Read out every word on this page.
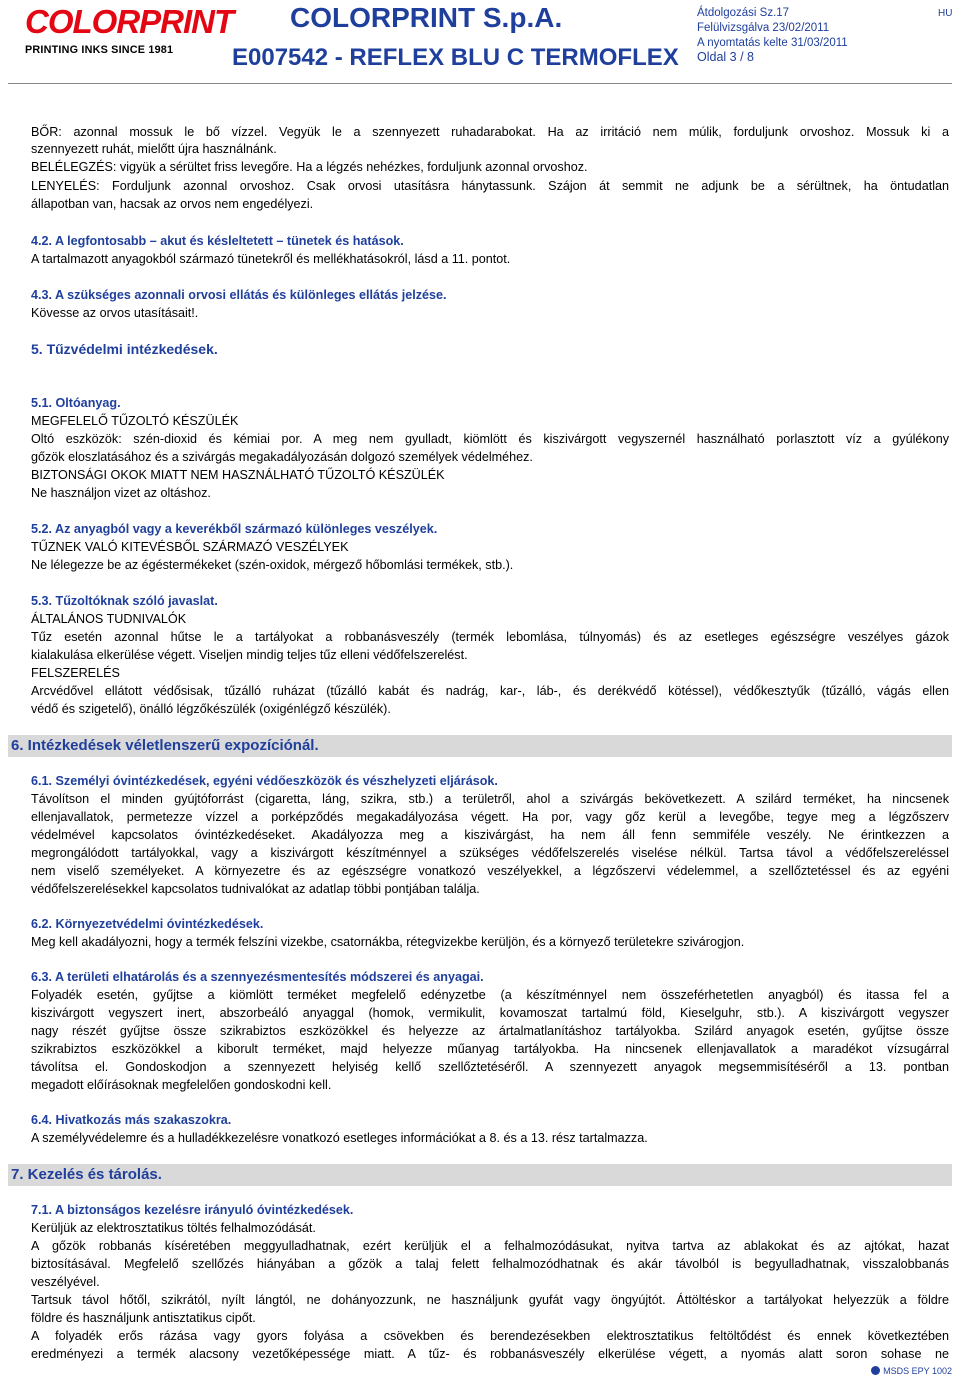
COLORPRINT
PRINTING INKS SINCE 1981
COLORPRINT S.p.A.
E007542 - REFLEX BLU C TERMOFLEX
Átdolgozási Sz.17
Felülvizsgálva 23/02/2011
A nyomtatás kelte 31/03/2011
Oldal 3 / 8
HU
BŐR: azonnal mossuk le bő vízzel. Vegyük le a szennyezett ruhadarabokat. Ha az irritáció nem múlik, forduljunk orvoshoz. Mossuk ki a
szennyezett ruhát, mielőtt újra használnánk.
BELÉLEGZÉS: vigyük a sérültet friss levegőre. Ha a légzés nehézkes, forduljunk azonnal orvoshoz.
LENYELÉS: Forduljunk azonnal orvoshoz. Csak orvosi utasításra hánytassunk. Szájon át semmit ne adjunk be a sérültnek, ha öntudatlan
állapotban van, hacsak az orvos nem engedélyezi.
4.2. A legfontosabb – akut és késleltetett – tünetek és hatások.
A tartalmazott anyagokból származó tünetekről és mellékhatásokról, lásd a 11. pontot.
4.3. A szükséges azonnali orvosi ellátás és különleges ellátás jelzése.
Kövesse az orvos utasításait!.
5. Tűzvédelmi intézkedések.
5.1. Oltóanyag.
MEGFELELŐ TŰZOLTÓ KÉSZÜLÉK
Oltó eszközök: szén-dioxid és kémiai por. A meg nem gyulladt, kiömlött és kiszivárgott vegyszernél használható porlasztott víz a gyúlékony
gőzök eloszlatásához és a szivárgás megakadályozásán dolgozó személyek védelméhez.
BIZTONSÁGI OKOK MIATT NEM HASZNÁLHATÓ TŰZOLTÓ KÉSZÜLÉK
Ne használjon vizet az oltáshoz.
5.2. Az anyagból vagy a keverékből származó különleges veszélyek.
TŰZNEK VALÓ KITEVÉSBŐL SZÁRMAZÓ VESZÉLYEK
Ne lélegezze be az égéstermékeket (szén-oxidok, mérgező hőbomlási termékek, stb.).
5.3. Tűzoltóknak szóló javaslat.
ÁLTALÁNOS TUDNIVALÓK
Tűz esetén azonnal hűtse le a tartályokat a robbanásveszély (termék lebomlása, túlnyomás) és az esetleges egészségre veszélyes gázok
kialakulása elkerülése végett. Viseljen mindig teljes tűz elleni védőfelszerelést.
FELSZERELÉS
Arcvédővel ellátott védősisak, tűzálló ruházat (tűzálló kabát és nadrág, kar-, láb-, és derékvédő kötéssel), védőkesztyűk (tűzálló, vágás ellen
védő és szigetelő), önálló légzőkészülék (oxigénlégző készülék).
6. Intézkedések véletlenszerű expozíciónál.
6.1. Személyi óvintézkedések, egyéni védőeszközök és vészhelyzeti eljárások.
Távolítson el minden gyújtóforrást (cigaretta, láng, szikra, stb.) a területről, ahol a szivárgás bekövetkezett. A szilárd terméket, ha nincsenek
ellenjavallatok, permetezze vízzel a porképződés megakadályozása végett. Ha por, vagy gőz kerül a levegőbe, tegye meg a légzőszerv
védelmével kapcsolatos óvintézkedéseket. Akadályozza meg a kiszivárgást, ha nem áll fenn semmiféle veszély. Ne érintkezzen a
megrongálódott tartályokkal, vagy a kiszivárgott készítménnyel a szükséges védőfelszerelés viselése nélkül. Tartsa távol a védőfelszereléssel
nem viselő személyeket. A környezetre és az egészségre vonatkozó veszélyekkel, a légzőszervi védelemmel, a szellőztetéssel és az egyéni
védőfelszerelésekkel kapcsolatos tudnivalókat az adatlap többi pontjában találja.
6.2. Környezetvédelmi óvintézkedések.
Meg kell akadályozni, hogy a termék felszíni vizekbe, csatornákba, rétegvizekbe kerüljön, és a környező területekre szivárogjon.
6.3. A területi elhatárolás és a szennyezésmentesítés módszerei és anyagai.
Folyadék esetén, gyűjtse a kiömlött terméket megfelelő edényzetbe (a készítménnyel nem összeférhetetlen anyagból) és itassa fel a
kiszivárgott vegyszert inert, abszorbeáló anyaggal (homok, vermikulit, kovamoszat tartalmú föld, Kieselguhr, stb.). A kiszivárgott vegyszer
nagy részét gyűjtse össze szikrabiztos eszközökkel és helyezze az ártalmatlanításhoz tartályokba. Szilárd anyagok esetén, gyűjtse össze
szikrabiztos eszközökkel a kiborult terméket, majd helyezze műanyag tartályokba. Ha nincsenek ellenjavallatok a maradékot vízsugárral
távolítsa el. Gondoskodjon a szennyezett helyiség kellő szellőztetéséről. A szennyezett anyagok megsemmisítéséről a 13. pontban
megadott előírásoknak megfelelően gondoskodni kell.
6.4. Hivatkozás más szakaszokra.
A személyvédelemre és a hulladékkezelésre vonatkozó esetleges információkat a 8. és a 13. rész tartalmazza.
7. Kezelés és tárolás.
7.1. A biztonságos kezelésre irányuló óvintézkedések.
Kerüljük az elektrosztatikus töltés felhalmozódását.
A gőzök robbanás kíséretében meggyulladhatnak, ezért kerüljük el a felhalmozódásukat, nyitva tartva az ablakokat és az ajtókat, hazat
biztosításával. Megfelelő szellőzés hiányában a gőzök a talaj felett felhalmozódhatnak és akár távolból is begyulladhatnak, visszalobbanás
veszélyével.
Tartsuk távol hőtől, szikrától, nyílt lángtól, ne dohányozzunk, ne használjunk gyufát vagy öngyújtót. Áttöltéskor a tartályokat helyezzük a földre
földre és használjunk antisztatikus cipőt.
A folyadék erős rázása vagy gyors folyása a csövekben és berendezésekben elektrosztatikus feltöltődést és ennek következtében
eredményezi a termék alacsony vezetőképessége miatt. A tűz- és robbanásveszély elkerülése végett, a nyomás alatt soron sohase ne
MSDS EPY 1002
